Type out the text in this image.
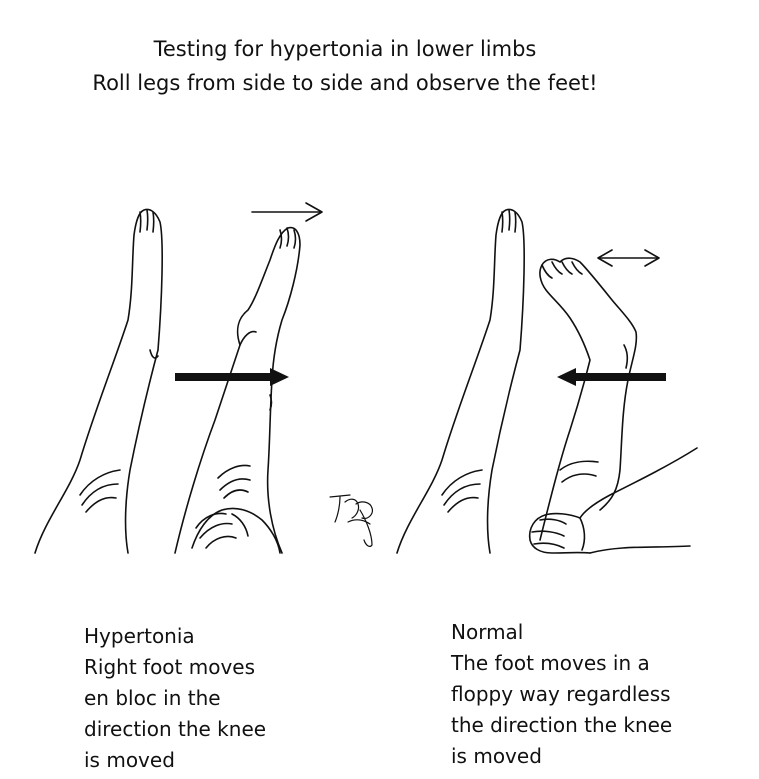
Testing for hypertonia in lower limbs
Roll legs from side to side and observe the feet!
Hypertonia
Right foot moves
en bloc in the
direction the knee
is moved
Normal
The foot moves in a
floppy way regardless
the direction the knee
is moved
